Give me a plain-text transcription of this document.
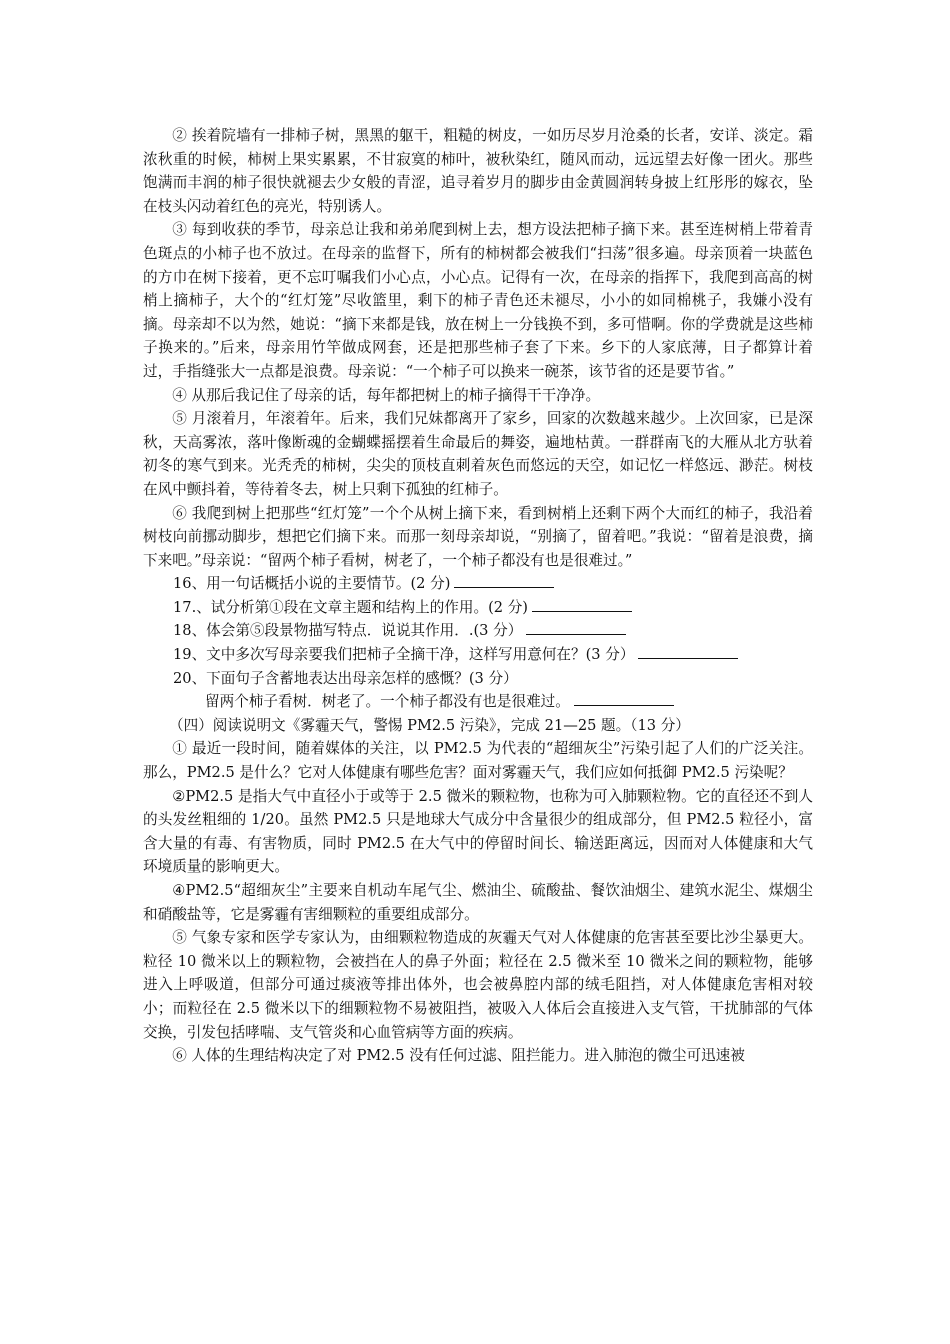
② 挨着院墙有一排柿子树，黑黑的躯干，粗糙的树皮，一如历尽岁月沧桑的长者，安详、淡定。霜浓秋重的时候，柿树上果实累累，不甘寂寞的柿叶，被秋染红，随风而动，远远望去好像一团火。那些饱满而丰润的柿子很快就褪去少女般的青涩，追寻着岁月的脚步由金黄圆润转身披上红彤彤的嫁衣，坠在枝头闪动着红色的亮光，特别诱人。

③ 每到收获的季节，母亲总让我和弟弟爬到树上去，想方设法把柿子摘下来。甚至连树梢上带着青色斑点的小柿子也不放过。在母亲的监督下，所有的柿树都会被我们“扫荡”很多遍。母亲顶着一块蓝色的方巾在树下接着，更不忘叮嘱我们小心点，小心点。记得有一次，在母亲的指挥下，我爬到高高的树梢上摘柿子，大个的“红灯笼”尽收篮里，剩下的柿子青色还未褪尽，小小的如同棉桃子，我嫌小没有摘。母亲却不以为然，她说：“摘下来都是钱，放在树上一分钱换不到，多可惜啊。你的学费就是这些柿子换来的。”后来，母亲用竹竿做成网套，还是把那些柿子套了下来。乡下的人家底薄，日子都算计着过，手指缝张大一点都是浪费。母亲说：“一个柿子可以换来一碗茶，该节省的还是要节省。”

④ 从那后我记住了母亲的话，每年都把树上的柿子摘得干干净净。

⑤ 月滚着月，年滚着年。后来，我们兄妹都离开了家乡，回家的次数越来越少。上次回家，已是深秋，天高雾浓，落叶像断魂的金蝴蝶摇摆着生命最后的舞姿，遍地枯黄。一群群南飞的大雁从北方驮着初冬的寒气到来。光秃秃的柿树，尖尖的顶枝直刺着灰色而悠远的天空，如记忆一样悠远、渺茫。树枝在风中颤抖着，等待着冬去，树上只剩下孤独的红柿子。

⑥ 我爬到树上把那些“红灯笼”一个个从树上摘下来，看到树梢上还剩下两个大而红的柿子，我沿着树枝向前挪动脚步，想把它们摘下来。而那一刻母亲却说，“别摘了，留着吧。”我说：“留着是浪费，摘下来吧。”母亲说：“留两个柿子看树，树老了，一个柿子都没有也是很难过。”

16、用一句话概括小说的主要情节。(2 分)

17.、试分析第①段在文章主题和结构上的作用。(2 分)

18、体会第⑤段景物描写特点．说说其作用．.(3 分）

19、文中多次写母亲要我们把柿子全摘干净，这样写用意何在？(3 分）

20、下面句子含蓄地表达出母亲怎样的感慨？(3 分）

留两个柿子看树．树老了。一个柿子都没有也是很难过。

（四）阅读说明文《雾霾天气，警惕 PM2.5 污染》，完成 21—25 题。（13 分）

① 最近一段时间，随着媒体的关注，以 PM2.5 为代表的“超细灰尘”污染引起了人们的广泛关注。那么，PM2.5 是什么？它对人体健康有哪些危害？面对雾霾天气，我们应如何抵御 PM2.5 污染呢？

②PM2.5 是指大气中直径小于或等于 2.5 微米的颗粒物，也称为可入肺颗粒物。它的直径还不到人的头发丝粗细的 1/20。虽然 PM2.5 只是地球大气成分中含量很少的组成部分，但 PM2.5 粒径小，富含大量的有毒、有害物质，同时 PM2.5 在大气中的停留时间长、输送距离远，因而对人体健康和大气环境质量的影响更大。

④PM2.5“超细灰尘”主要来自机动车尾气尘、燃油尘、硫酸盐、餐饮油烟尘、建筑水泥尘、煤烟尘和硝酸盐等，它是雾霾有害细颗粒的重要组成部分。

⑤ 气象专家和医学专家认为，由细颗粒物造成的灰霾天气对人体健康的危害甚至要比沙尘暴更大。粒径 10 微米以上的颗粒物，会被挡在人的鼻子外面；粒径在 2.5 微米至 10 微米之间的颗粒物，能够进入上呼吸道，但部分可通过痰液等排出体外，也会被鼻腔内部的绒毛阻挡，对人体健康危害相对较小；而粒径在 2.5 微米以下的细颗粒物不易被阻挡，被吸入人体后会直接进入支气管，干扰肺部的气体交换，引发包括哮喘、支气管炎和心血管病等方面的疾病。

⑥ 人体的生理结构决定了对 PM2.5 没有任何过滤、阻拦能力。进入肺泡的微尘可迅速被
